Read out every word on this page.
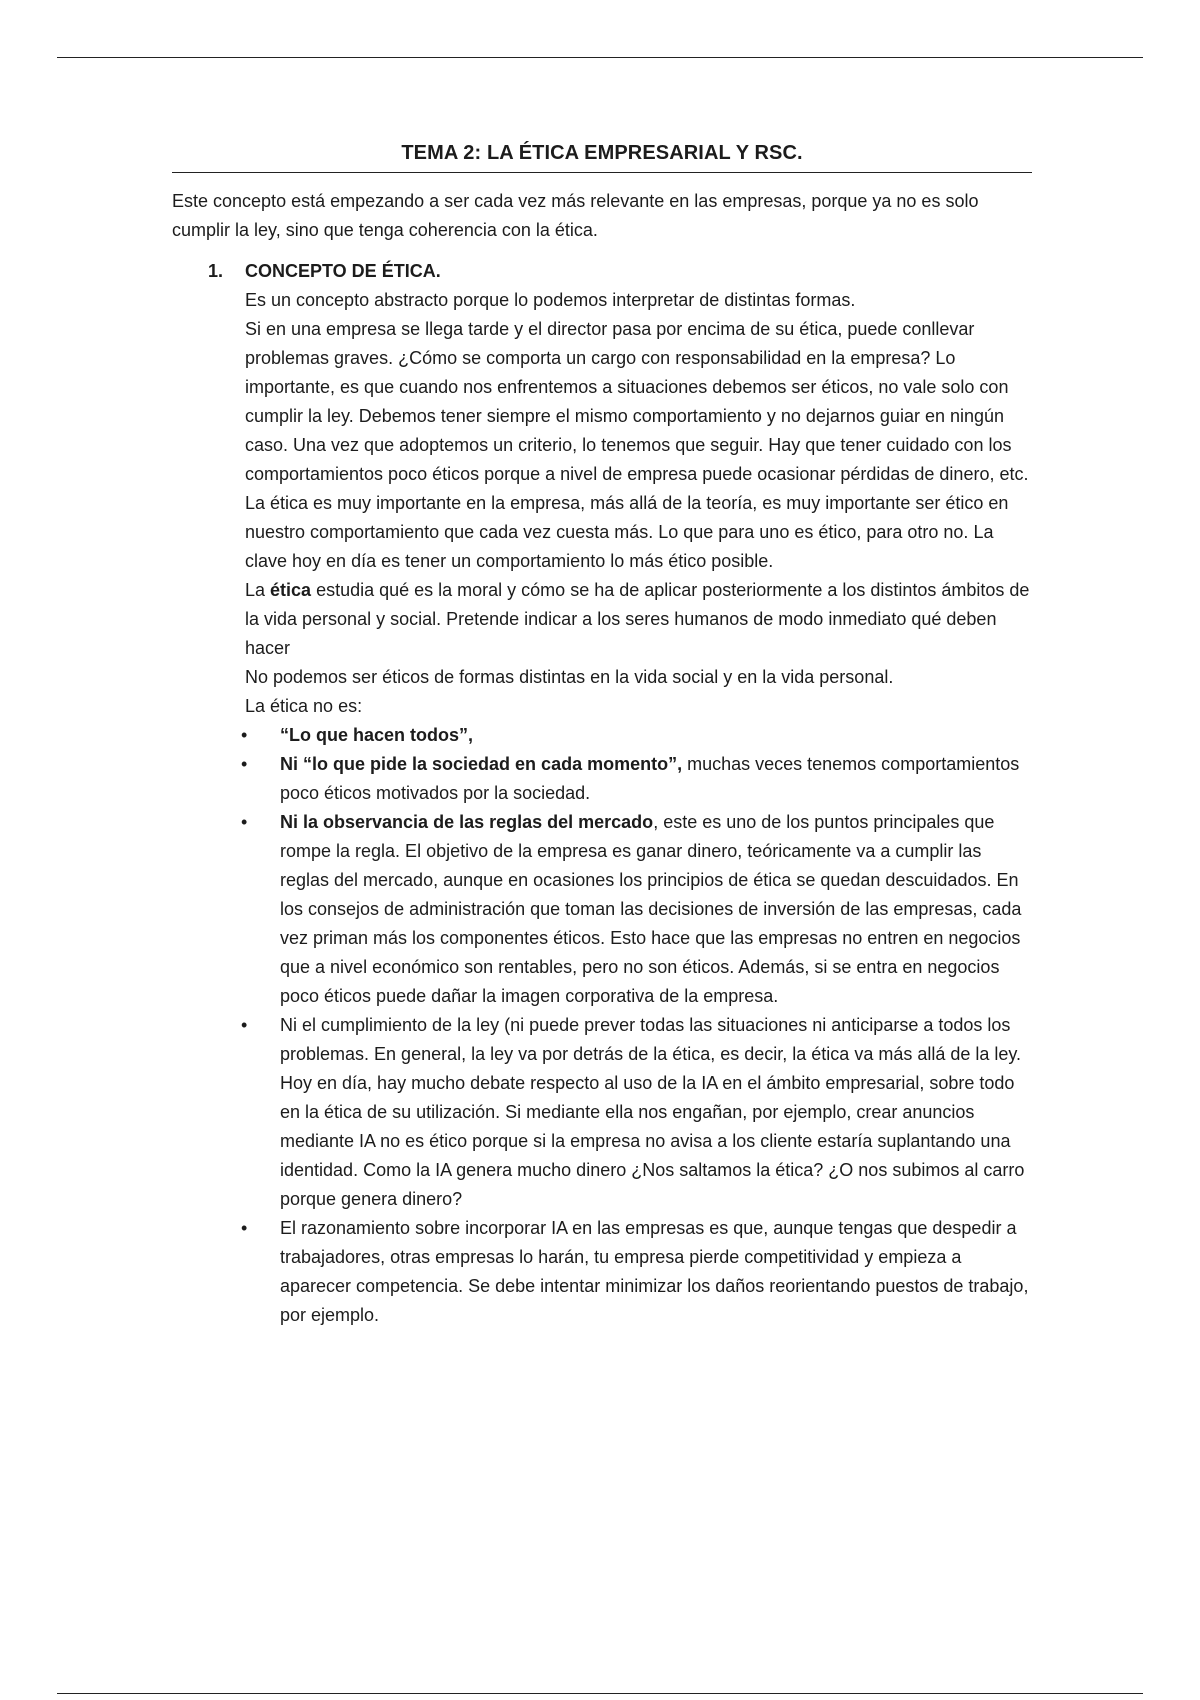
TEMA 2: LA ÉTICA EMPRESARIAL Y RSC.

Este concepto está empezando a ser cada vez más relevante en las empresas, porque ya no es solo cumplir la ley, sino que tenga coherencia con la ética.

1.	CONCEPTO DE ÉTICA.

Es un concepto abstracto porque lo podemos interpretar de distintas formas.

Si en una empresa se llega tarde y el director pasa por encima de su ética, puede conllevar problemas graves. ¿Cómo se comporta un cargo con responsabilidad en la empresa? Lo importante, es que cuando nos enfrentemos a situaciones debemos ser éticos, no vale solo con cumplir la ley. Debemos tener siempre el mismo comportamiento y no dejarnos guiar en ningún caso. Una vez que adoptemos un criterio, lo tenemos que seguir. Hay que tener cuidado con los comportamientos poco éticos porque a nivel de empresa puede ocasionar pérdidas de dinero, etc. La ética es muy importante en la empresa, más allá de la teoría, es muy importante ser ético en nuestro comportamiento que cada vez cuesta más. Lo que para uno es ético, para otro no. La clave hoy en día es tener un comportamiento lo más ético posible.

La ética estudia qué es la moral y cómo se ha de aplicar posteriormente a los distintos ámbitos de la vida personal y social. Pretende indicar a los seres humanos de modo inmediato qué deben hacer

No podemos ser éticos de formas distintas en la vida social y en la vida personal.

La ética no es:

• “Lo que hacen todos”,
• Ni “lo que pide la sociedad en cada momento”, muchas veces tenemos comportamientos poco éticos motivados por la sociedad.
• Ni la observancia de las reglas del mercado, este es uno de los puntos principales que rompe la regla. El objetivo de la empresa es ganar dinero, teóricamente va a cumplir las reglas del mercado, aunque en ocasiones los principios de ética se quedan descuidados. En los consejos de administración que toman las decisiones de inversión de las empresas, cada vez priman más los componentes éticos. Esto hace que las empresas no entren en negocios que a nivel económico son rentables, pero no son éticos. Además, si se entra en negocios poco éticos puede dañar la imagen corporativa de la empresa.
• Ni el cumplimiento de la ley (ni puede prever todas las situaciones ni anticiparse a todos los problemas. En general, la ley va por detrás de la ética, es decir, la ética va más allá de la ley. Hoy en día, hay mucho debate respecto al uso de la IA en el ámbito empresarial, sobre todo en la ética de su utilización. Si mediante ella nos engañan, por ejemplo, crear anuncios mediante IA no es ético porque si la empresa no avisa a los cliente estaría suplantando una identidad. Como la IA genera mucho dinero ¿Nos saltamos la ética? ¿O nos subimos al carro porque genera dinero?
• El razonamiento sobre incorporar IA en las empresas es que, aunque tengas que despedir a trabajadores, otras empresas lo harán, tu empresa pierde competitividad y empieza a aparecer competencia. Se debe intentar minimizar los daños reorientando puestos de trabajo, por ejemplo.
